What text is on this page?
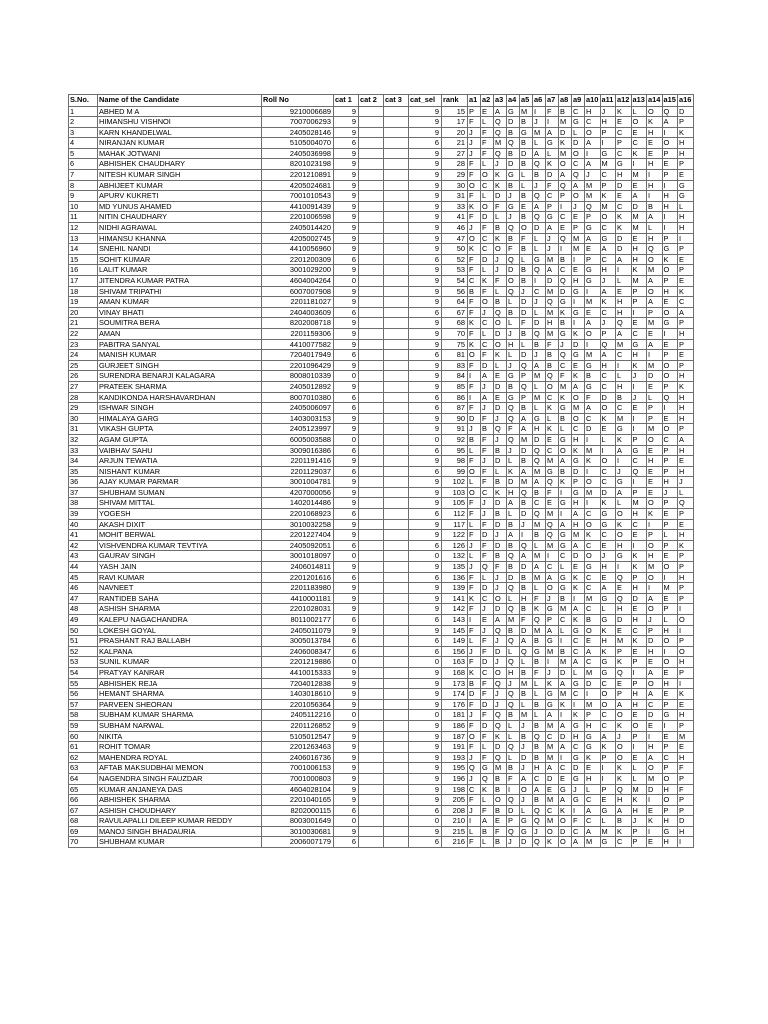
S.No.	Name of the Candidate	Roll No	cat 1	cat 2	cat 3	cat_sel	rank	a1	a2	a3	a4	a5	a6	a7	a8	a9	a10	a11	a12	a13	a14	a15	a16
1	ABHED M A	9210006689	9			9	15	P	E	A	G	M	I	F	B	C	H	J	K	L	O	Q	D
2	HIMANSHU VISHNOI	7007006293	9			9	17	F	L	Q	D	B	J	I	M	G	C	H	E	O	K	A	P
3	KARN KHANDELWAL	2405028146	9			9	20	J	F	Q	B	G	M	A	D	L	O	P	C	E	H	I	K
4	NIRANJAN KUMAR	5105004070	6			6	21	J	F	M	Q	B	L	G	K	D	A	I	P	C	E	O	H
5	MAHAK JOTWANI	2405036998	9			9	27	J	F	Q	B	D	A	L	M	O	I	G	C	K	E	P	H
6	ABHISHEK CHAUDHARY	8201023198	9			9	28	F	L	J	D	B	Q	K	O	C	A	M	G	I	H	E	P
7	NITESH KUMAR SINGH	2201210891	9			9	29	F	O	K	G	L	B	D	A	Q	J	C	H	M	I	P	E
8	ABHIJEET KUMAR	4205024681	9			9	30	O	C	K	B	L	J	F	Q	A	M	P	D	E	H	I	G
9	APURV KUKRETI	7001010543	9			9	31	F	L	D	J	B	Q	C	P	O	M	K	E	A	I	H	G
10	MD YUNUS AHAMED	4410091439	9			9	33	K	O	F	G	E	A	P	I	J	Q	M	C	D	B	H	L
11	NITIN CHAUDHARY	2201006598	9			9	41	F	D	L	J	B	Q	G	C	E	P	O	K	M	A	I	H
12	NIDHI AGRAWAL	2405014420	9			9	46	J	F	B	Q	O	D	A	E	P	G	C	K	M	L	I	H
13	HIMANSU KHANNA	4205002745	9			9	47	O	C	K	B	F	L	J	Q	M	A	G	D	E	H	P	I
14	SNEHIL NANDI	4410056960	9			9	50	K	C	O	F	B	L	J	I	M	E	A	D	H	Q	G	P
15	SOHIT KUMAR	2201200309	6			6	52	F	D	J	Q	L	G	M	B	I	P	C	A	H	O	K	E
16	LALIT KUMAR	3001029200	9			9	53	F	L	J	D	B	Q	A	C	E	G	H	I	K	M	O	P
17	JITENDRA KUMAR PATRA	4604004264	0			9	54	C	K	F	O	B	I	D	Q	H	G	J	L	M	A	P	E
18	SHIVAM TRIPATHI	6007007908	9			9	56	B	F	L	Q	J	C	M	D	G	I	A	E	P	O	H	K
19	AMAN KUMAR	2201181027	9			9	64	F	O	B	L	D	J	Q	G	I	M	K	H	P	A	E	C
20	VINAY BHATI	2404003609	6			6	67	F	J	Q	B	D	L	M	K	G	E	C	H	I	P	O	A
21	SOUMITRA BERA	8202008718	9			9	68	K	C	O	L	F	D	H	B	I	A	J	Q	E	M	G	P
22	AMAN	2201159306	9			9	70	F	L	D	J	B	Q	M	G	K	O	P	A	C	E	I	H
23	PABITRA SANYAL	4410077582	9			9	75	K	C	O	H	L	B	F	J	D	I	Q	M	G	A	E	P
24	MANISH KUMAR	7204017949	6			6	81	O	F	K	L	D	J	B	Q	G	M	A	C	H	I	P	E
25	GURJEET SINGH	2201096429	9			9	83	F	D	L	J	Q	A	B	C	E	G	H	I	K	M	O	P
26	SURENDRA BENARJI KALAGARA	8008010339	0			9	84	I	A	E	G	P	M	Q	F	K	B	C	L	J	D	O	H
27	PRATEEK SHARMA	2405012892	9			9	85	F	J	D	B	Q	L	O	M	A	G	C	H	I	E	P	K
28	KANDIKONDA HARSHAVARDHAN	8007010380	6			6	86	I	A	E	G	P	M	C	K	O	F	D	B	J	L	Q	H
29	ISHWAR SINGH	2405006097	6			6	87	F	J	D	Q	B	L	K	G	M	A	O	C	E	P	I	H
30	HIMALAYA GARG	1403003153	9			9	90	D	F	J	Q	A	G	L	B	O	C	K	M	I	P	E	H
31	VIKASH GUPTA	2405123997	9			9	91	J	B	Q	F	A	H	K	L	C	D	E	G	I	M	O	P
32	AGAM GUPTA	6005003588	0			0	92	B	F	J	Q	M	D	E	G	H	I	L	K	P	O	C	A
33	VAIBHAV SAHU	3009016386	6			6	95	L	F	B	J	D	Q	C	O	K	M	I	A	G	E	P	H
34	ARJUN TEWATIA	2201191416	9			9	98	F	J	D	L	B	Q	M	A	G	K	O	I	C	H	P	E
35	NISHANT KUMAR	2201129037	6			6	99	O	F	L	K	A	M	G	B	D	I	C	J	Q	E	P	H
36	AJAY KUMAR PARMAR	3001004781	9			9	102	L	F	B	D	M	A	Q	K	P	O	C	G	I	E	H	J
37	SHUBHAM SUMAN	4207000056	9			9	103	O	C	K	H	Q	B	F	I	G	M	D	A	P	E	J	L
38	SHIVAM MITTAL	1402014486	9			9	105	F	J	D	A	B	C	E	G	H	I	K	L	M	O	P	Q
39	YOGESH	2201068923	6			6	112	F	J	B	L	D	Q	M	I	A	C	G	O	H	K	E	P
40	AKASH DIXIT	3010032258	9			9	117	L	F	D	B	J	M	Q	A	H	O	G	K	C	I	P	E
41	MOHIT BERWAL	2201227404	9			9	122	F	D	J	A	I	B	Q	G	M	K	C	O	E	P	L	H
42	VISHVENDRA KUMAR TEVTIYA	2405092051	6			6	126	J	F	D	B	Q	L	M	G	A	C	E	H	I	O	P	K
43	GAURAV SINGH	3001018097	0			0	132	L	F	B	Q	A	M	I	C	D	O	J	G	K	H	E	P
44	YASH JAIN	2406014811	9			9	135	J	Q	F	B	D	A	C	L	E	G	H	I	K	M	O	P
45	RAVI KUMAR	2201201616	6			6	136	F	L	J	D	B	M	A	G	K	C	E	Q	P	O	I	H
46	NAVNEET	2201183980	9			9	139	F	D	J	Q	B	L	O	G	K	C	A	E	H	I	M	P
47	RANTIDEB SAHA	4410001181	9			9	141	K	C	O	L	H	F	J	B	I	M	G	Q	D	A	E	P
48	ASHISH SHARMA	2201028031	9			9	142	F	J	D	Q	B	K	G	M	A	C	L	H	E	O	P	I
49	KALEPU NAGACHANDRA	8011002177	6			6	143	I	E	A	M	F	Q	P	C	K	B	G	D	H	J	L	O
50	LOKESH GOYAL	2405011079	9			9	145	F	J	Q	B	D	M	A	L	G	O	K	E	C	P	H	I
51	PRASHANT RAJ BALLABH	3005013784	6			6	149	L	F	J	Q	A	B	G	I	C	E	H	M	K	D	O	P
52	KALPANA	2406008347	6			6	156	J	F	D	L	Q	G	M	B	C	A	K	P	E	H	I	O
53	SUNIL KUMAR	2201219886	0			0	163	F	D	J	Q	L	B	I	M	A	C	G	K	P	E	O	H
54	PRATYAY KANRAR	4410015333	9			9	168	K	C	O	H	B	F	J	D	L	M	G	Q	I	A	E	P
55	ABHISHEK REJA	7204012838	9			9	173	B	F	Q	J	M	L	K	A	G	D	C	E	P	O	H	I
56	HEMANT SHARMA	1403018610	9			9	174	D	F	J	Q	B	L	G	M	C	I	O	P	H	A	E	K
57	PARVEEN SHEORAN	2201056364	9			9	176	F	D	J	Q	L	B	G	K	I	M	O	A	H	C	P	E
58	SUBHAM KUMAR SHARMA	2405112216	0			0	181	J	F	Q	B	M	L	A	I	K	P	C	O	E	D	G	H
59	SUBHAM NARWAL	2201126852	9			9	186	F	D	Q	L	J	B	M	A	G	H	C	K	O	E	I	P
60	NIKITA	5105012547	9			9	187	O	F	K	L	B	Q	C	D	H	G	A	J	P	I	E	M
61	ROHIT TOMAR	2201263463	9			9	191	F	L	D	Q	J	B	M	A	C	G	K	O	I	H	P	E
62	MAHENDRA ROYAL	2406016736	9			9	193	J	F	Q	L	D	B	M	I	G	K	P	O	E	A	C	H
63	AFTAB MAKSUDBHAI MEMON	7001006153	9			9	195	Q	G	M	B	J	H	A	C	D	E	I	K	L	O	P	F
64	NAGENDRA SINGH FAUZDAR	7001000803	9			9	196	J	Q	B	F	A	C	D	E	G	H	I	K	L	M	O	P
65	KUMAR ANJANEYA DAS	4604028104	9			9	198	C	K	B	I	O	A	E	G	J	L	P	Q	M	D	H	F
66	ABHISHEK SHARMA	2201040165	9			9	205	F	L	O	Q	J	B	M	A	G	C	E	H	K	I	O	P
67	ASHISH CHOUDHARY	8202000115	6			6	208	J	F	B	D	L	Q	C	K	I	A	G	A	H	E	P	P
68	RAVULAPALLI DILEEP KUMAR REDDY	8003001649	0			0	210	I	A	E	P	G	Q	M	O	F	C	L	B	J	K	H	D
69	MANOJ SINGH BHADAURIA	3010030681	9			9	215	L	B	F	Q	G	J	O	D	C	A	M	K	P	I	G	H
70	SHUBHAM KUMAR	2006007179	6			6	216	F	L	B	J	D	Q	K	O	A	M	G	C	P	E	H	I
